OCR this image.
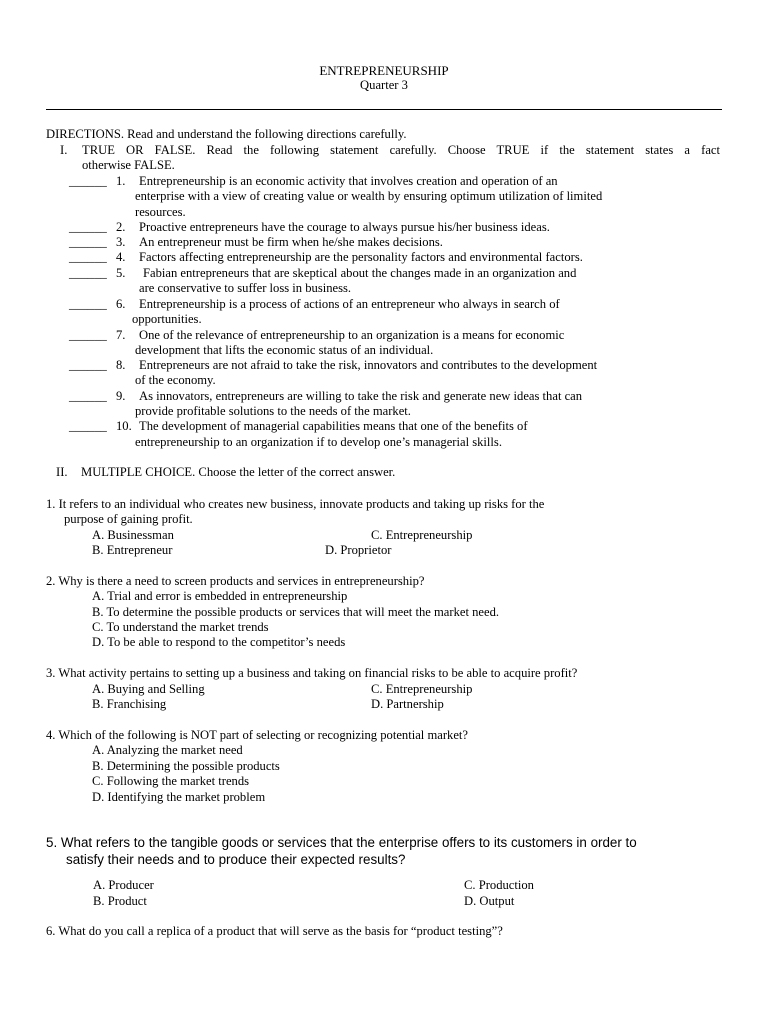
ENTREPRENEURSHIP
Quarter 3
DIRECTIONS. Read and understand the following directions carefully.
I. TRUE OR FALSE. Read the following statement carefully. Choose TRUE if the statement states a fact
otherwise FALSE.
______ 1. Entrepreneurship is an economic activity that involves creation and operation of an
enterprise with a view of creating value or wealth by ensuring optimum utilization of limited
resources.
______ 2. Proactive entrepreneurs have the courage to always pursue his/her business ideas.
______ 3. An entrepreneur must be firm when he/she makes decisions.
______ 4. Factors affecting entrepreneurship are the personality factors and environmental factors.
______ 5. Fabian entrepreneurs that are skeptical about the changes made in an organization and
are conservative to suffer loss in business.
______ 6. Entrepreneurship is a process of actions of an entrepreneur who always in search of
opportunities.
______ 7. One of the relevance of entrepreneurship to an organization is a means for economic
development that lifts the economic status of an individual.
______ 8. Entrepreneurs are not afraid to take the risk, innovators and contributes to the development
of the economy.
______ 9. As innovators, entrepreneurs are willing to take the risk and generate new ideas that can
provide profitable solutions to the needs of the market.
______ 10. The development of managerial capabilities means that one of the benefits of
entrepreneurship to an organization if to develop one’s managerial skills.
II. MULTIPLE CHOICE. Choose the letter of the correct answer.
1. It refers to an individual who creates new business, innovate products and taking up risks for the
purpose of gaining profit.
A. Businessman	C. Entrepreneurship
B. Entrepreneur	D. Proprietor
2. Why is there a need to screen products and services in entrepreneurship?
A. Trial and error is embedded in entrepreneurship
B. To determine the possible products or services that will meet the market need.
C. To understand the market trends
D. To be able to respond to the competitor’s needs
3. What activity pertains to setting up a business and taking on financial risks to be able to acquire profit?
A. Buying and Selling	C. Entrepreneurship
B. Franchising	D. Partnership
4. Which of the following is NOT part of selecting or recognizing potential market?
A. Analyzing the market need
B. Determining the possible products
C. Following the market trends
D. Identifying the market problem
5. What refers to the tangible goods or services that the enterprise offers to its customers in order to
satisfy their needs and to produce their expected results?
A. Producer	C. Production
B. Product	D. Output
6. What do you call a replica of a product that will serve as the basis for “product testing”?
